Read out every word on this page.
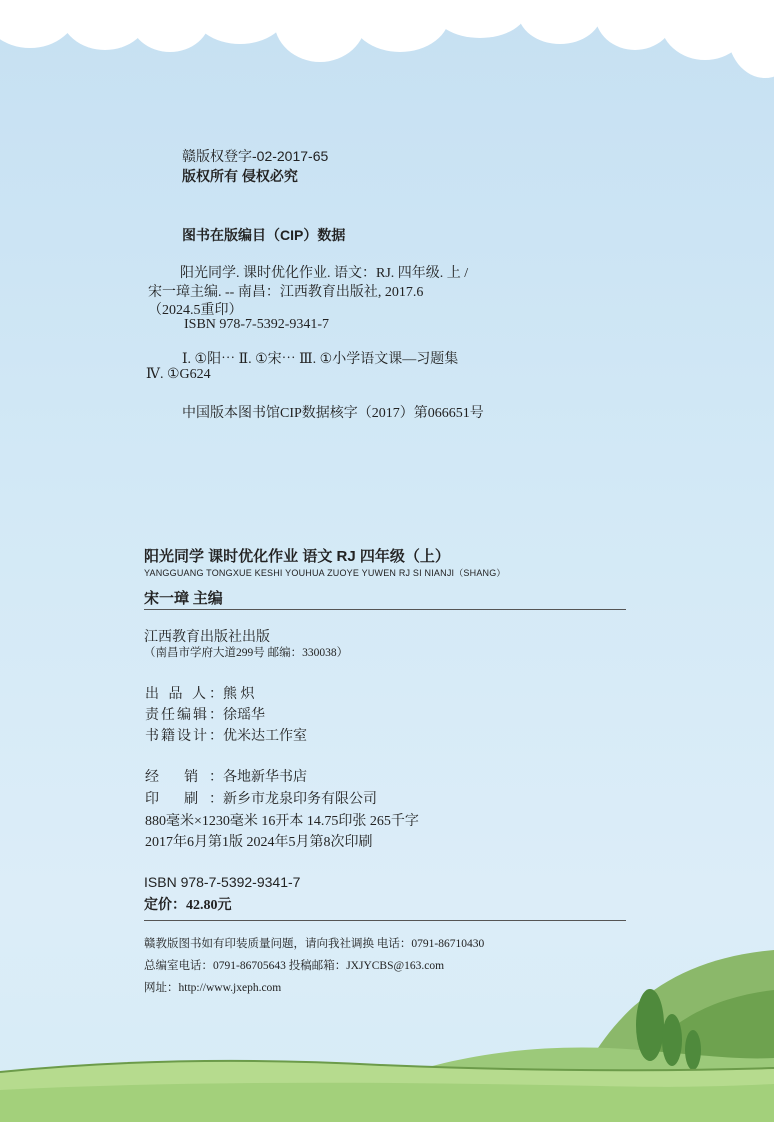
赣版权登字-02-2017-65
版权所有 侵权必究
图书在版编目（CIP）数据
阳光同学. 课时优化作业. 语文：RJ. 四年级. 上 /
宋一璋主编. -- 南昌：江西教育出版社, 2017.6
（2024.5重印）
ISBN 978-7-5392-9341-7
Ⅰ. ①阳⋯ Ⅱ. ①宋⋯ Ⅲ. ①小学语文课—习题集
Ⅳ. ①G624
中国版本图书馆CIP数据核字（2017）第066651号
阳光同学 课时优化作业 语文 RJ 四年级（上）
YANGGUANG TONGXUE KESHI YOUHUA ZUOYE YUWEN RJ SI NIANJI（SHANG）
宋一璋 主编
江西教育出版社出版
（南昌市学府大道299号 邮编：330038）
出 品 人：熊 炽
责任编辑：徐瑶华
书籍设计：优米达工作室
经 销：各地新华书店
印 刷：新乡市龙泉印务有限公司
880毫米×1230毫米 16开本 14.75印张 265千字
2017年6月第1版 2024年5月第8次印刷
ISBN 978-7-5392-9341-7
定价：42.80元
赣教版图书如有印装质量问题，请向我社调换 电话：0791-86710430
总编室电话：0791-86705643 投稿邮箱：JXJYCBS@163.com
网址：http://www.jxeph.com
